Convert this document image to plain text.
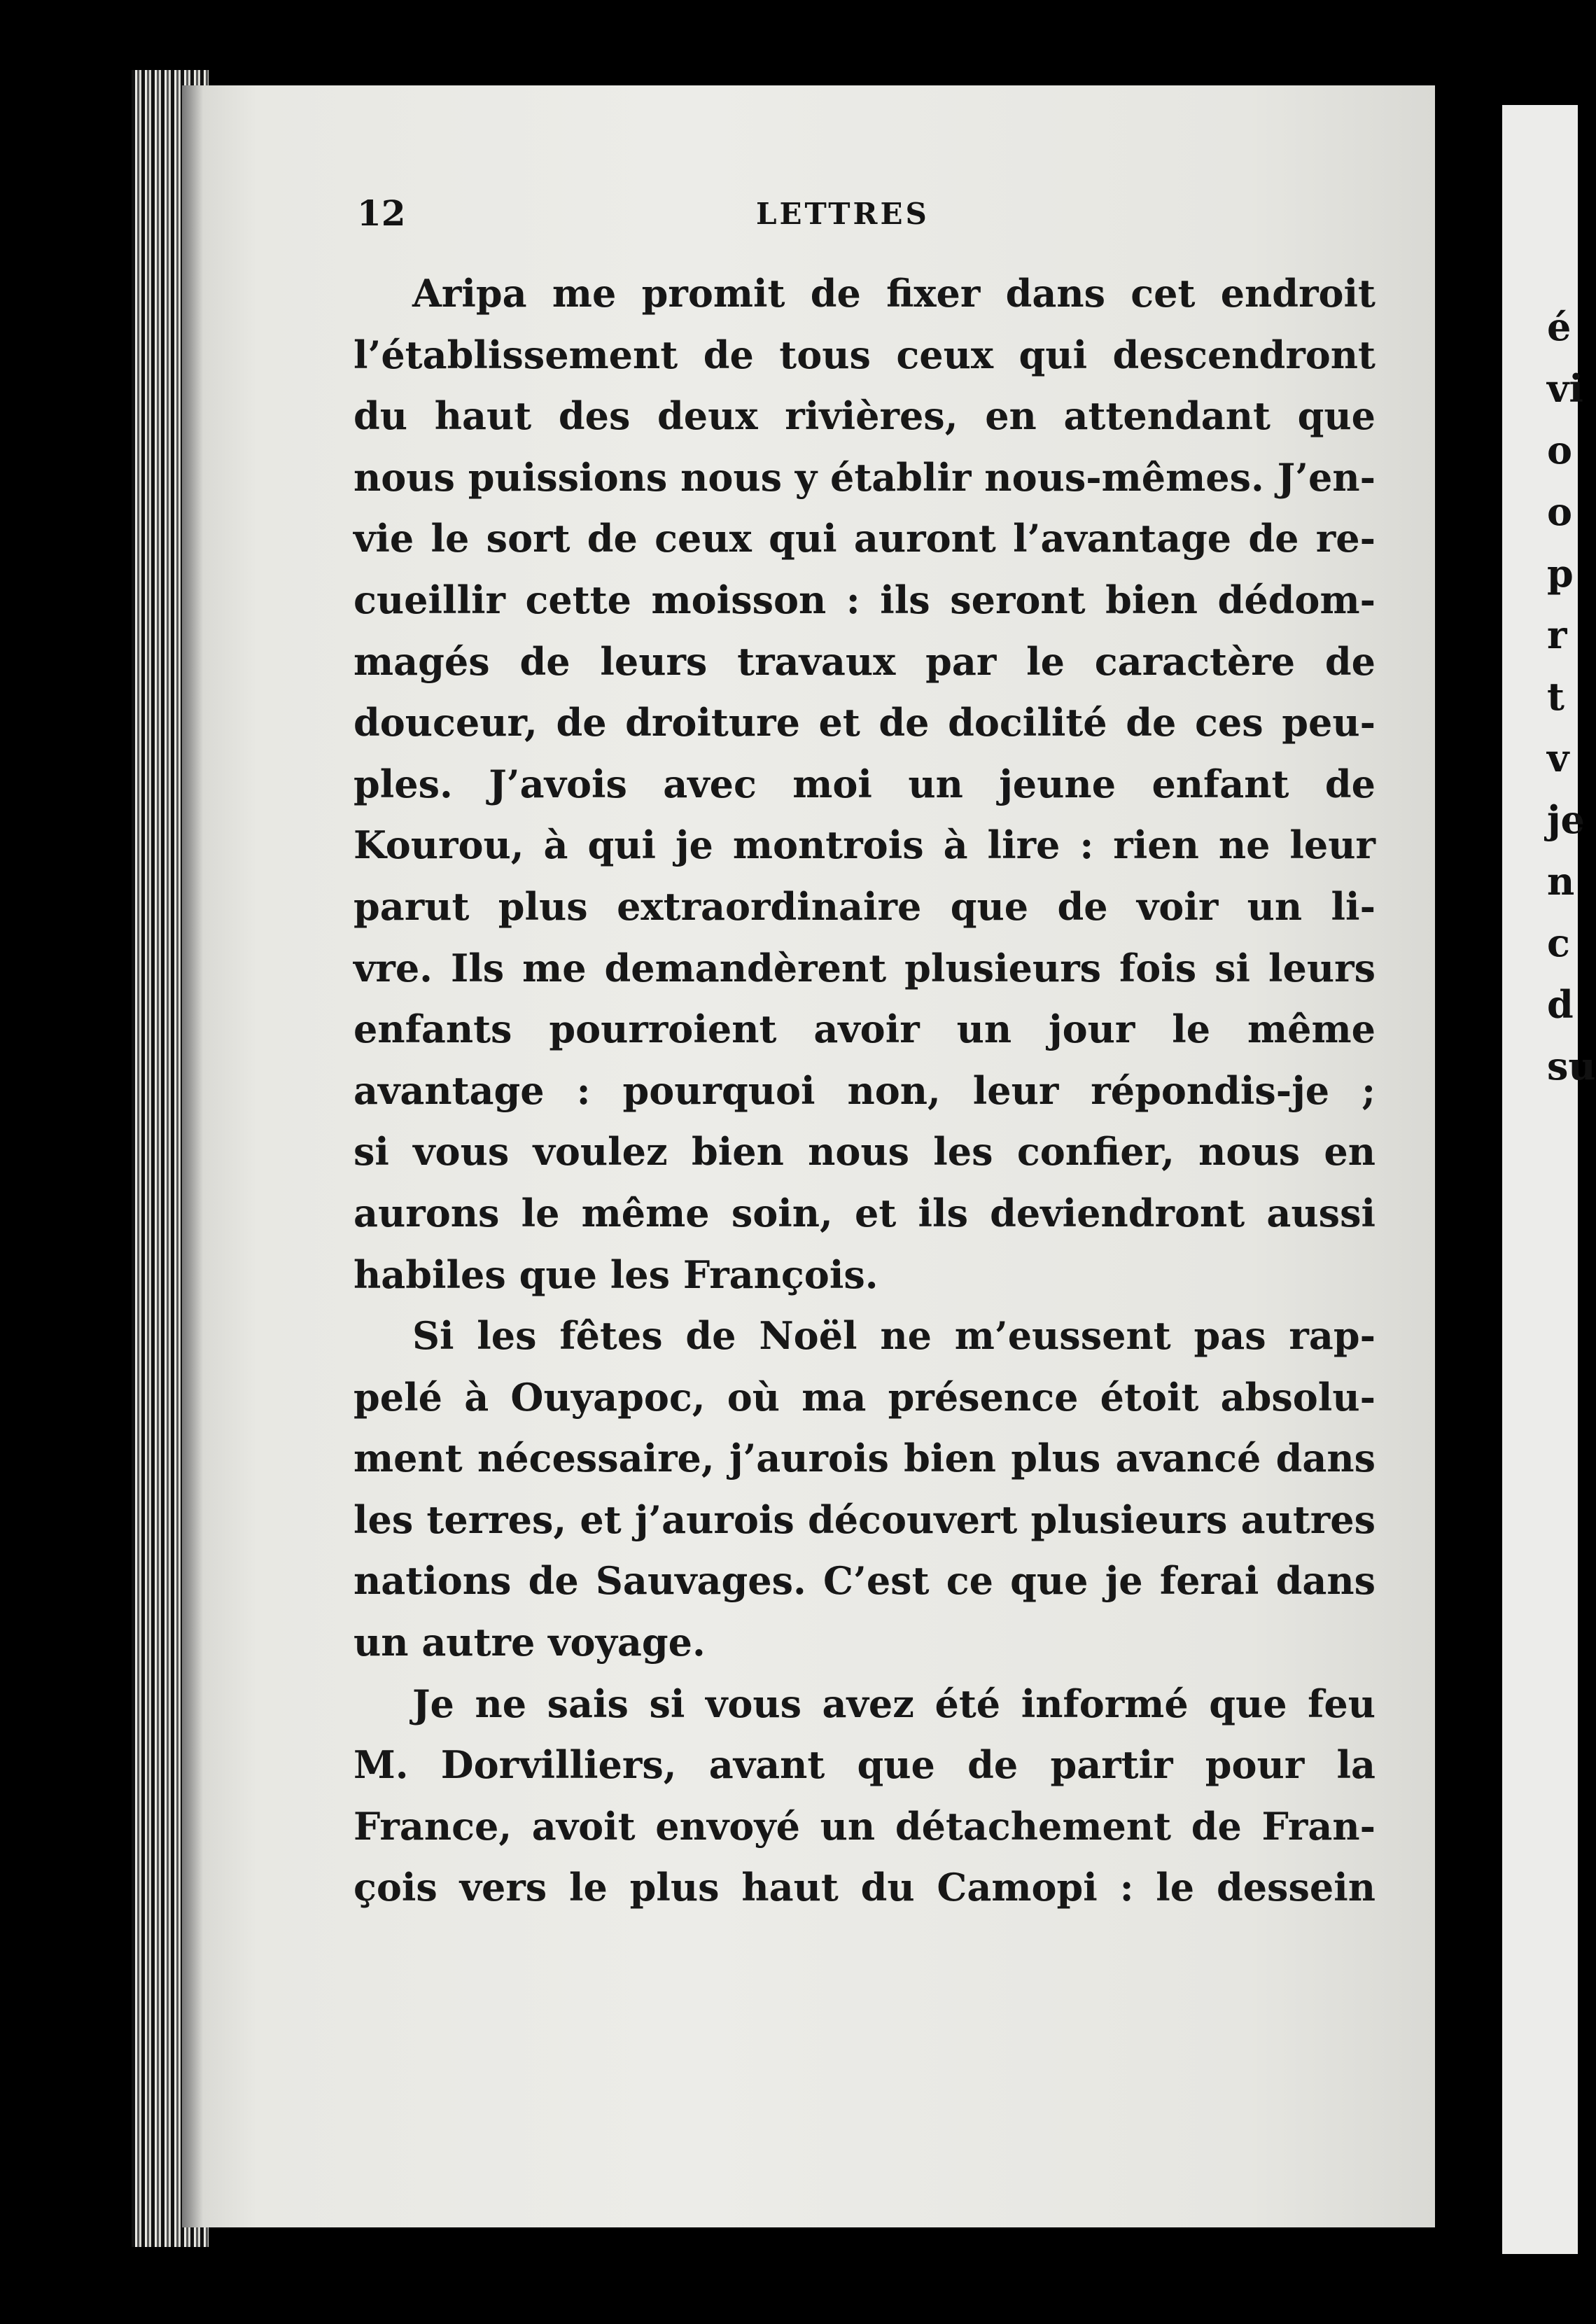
12	LETTRES
Aripa me promit de fixer dans cet endroit
l’établissement de tous ceux qui descendront
du haut des deux rivières, en attendant que
nous puissions nous y établir nous-mêmes. J’en-
vie le sort de ceux qui auront l’avantage de re-
cueillir cette moisson : ils seront bien dédom-
magés de leurs travaux par le caractère de
douceur, de droiture et de docilité de ces peu-
ples. J’avois avec moi un jeune enfant de
Kourou, à qui je montrois à lire : rien ne leur
parut plus extraordinaire que de voir un li-
vre. Ils me demandèrent plusieurs fois si leurs
enfants pourroient avoir un jour le même
avantage : pourquoi non, leur répondis-je ;
si vous voulez bien nous les confier, nous en
aurons le même soin, et ils deviendront aussi
habiles que les François.
Si les fêtes de Noël ne m’eussent pas rap-
pelé à Ouyapoc, où ma présence étoit absolu-
ment nécessaire, j’aurois bien plus avancé dans
les terres, et j’aurois découvert plusieurs autres
nations de Sauvages. C’est ce que je ferai dans
un autre voyage.
Je ne sais si vous avez été informé que feu
M. Dorvilliers, avant que de partir pour la
France, avoit envoyé un détachement de Fran-
çois vers le plus haut du Camopi : le dessein
é
vi
o
o
p
r
t
v
je
n
c
d
su
